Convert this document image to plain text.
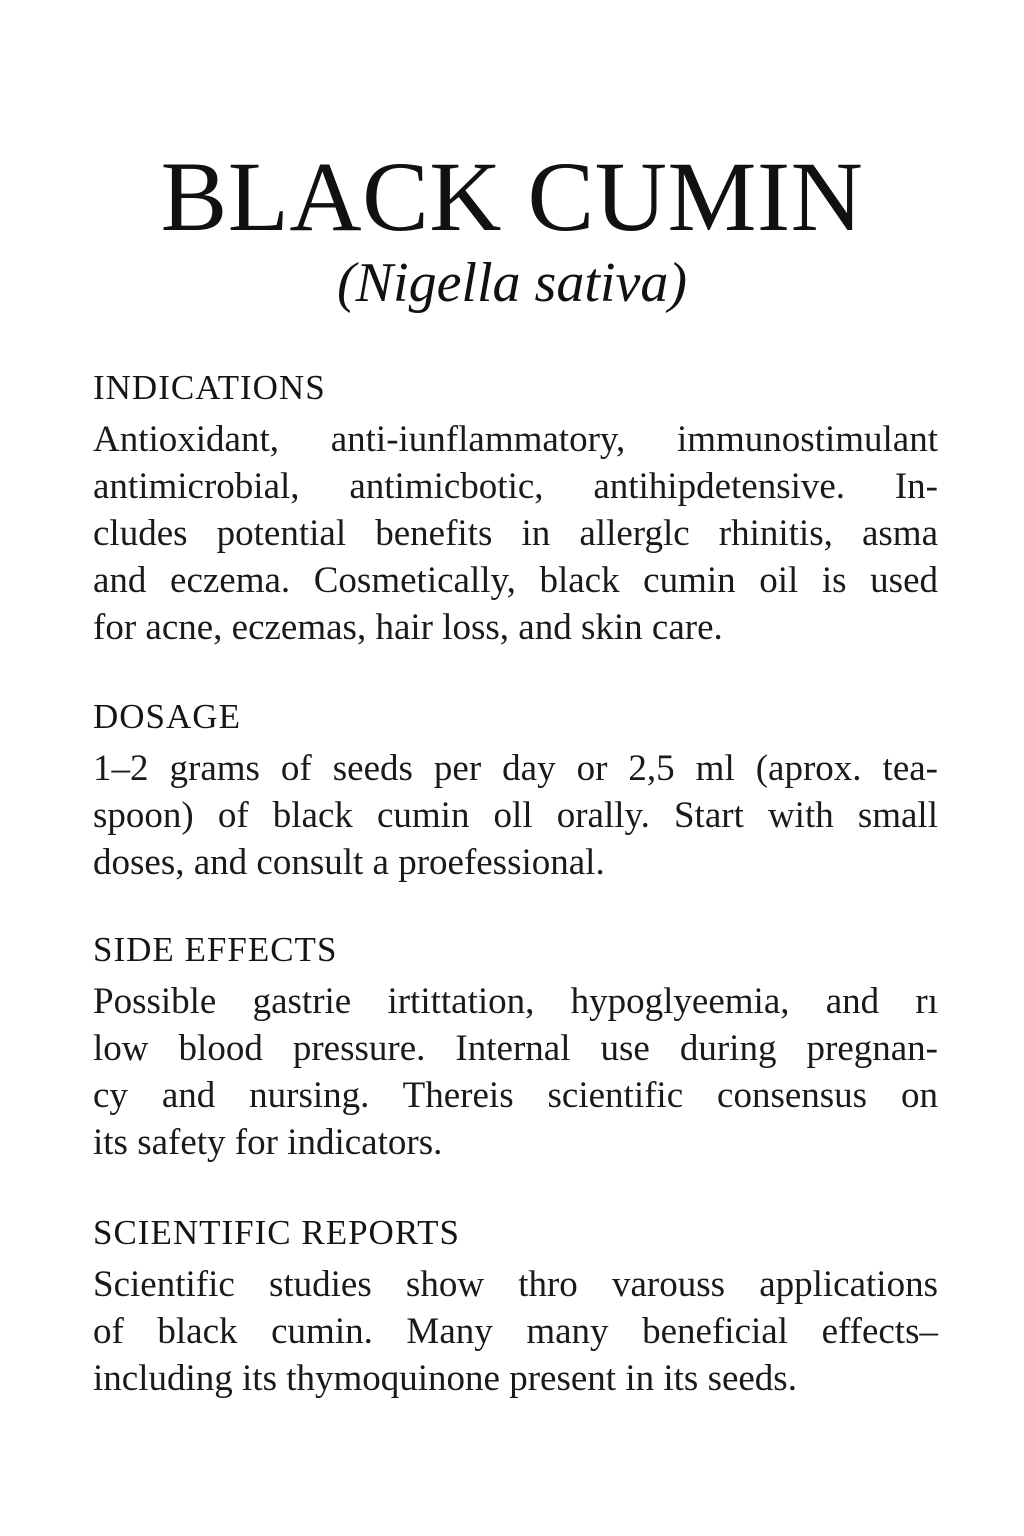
BLACK CUMIN
(Nigella sativa)
INDICATIONS
Antioxidant, anti-iunflammatory, immunostimulant
antimicrobial, antimicbotic, antihipdetensive. In-
cludes potential benefits in allerglc rhinitis, asma
and eczema. Cosmetically, black cumin oil is used
for acne, eczemas, hair loss, and skin care.
DOSAGE
1–2 grams of seeds per day or 2,5 ml (aprox. tea-
spoon) of black cumin oll orally. Start with small
doses, and consult a proefessional.
SIDE EFFECTS
Possible gastrie irtittation, hypoglyeemia, and rı
low blood pressure. Internal use during pregnan-
cy and nursing. Thereis scientific consensus on
its safety for indicators.
SCIENTIFIC REPORTS
Scientific studies show thro varouss applications
of black cumin. Many many beneficial effects–
including its thymoquinone present in its seeds.
